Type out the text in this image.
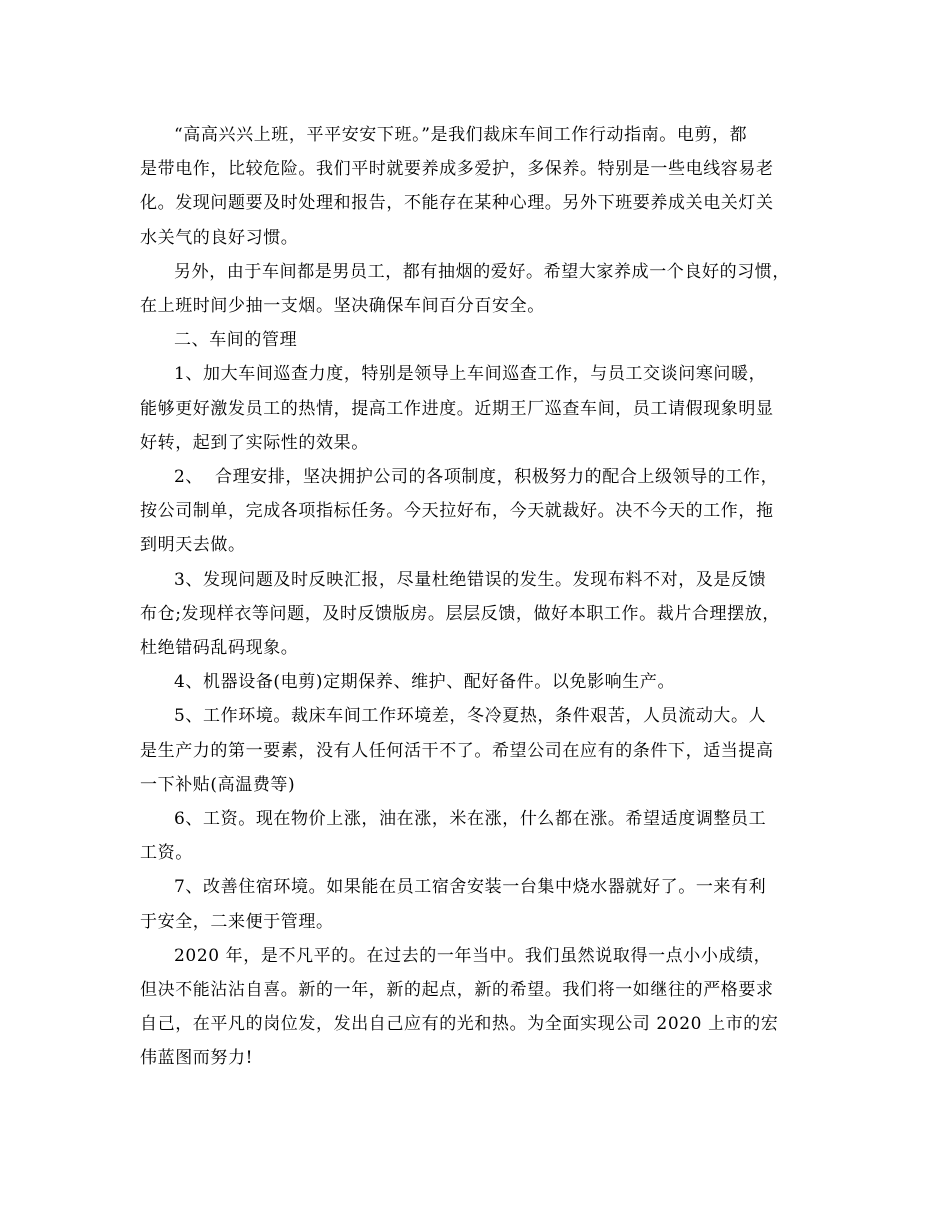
“高高兴兴上班，平平安安下班。”是我们裁床车间工作行动指南。电剪，都
是带电作，比较危险。我们平时就要养成多爱护，多保养。特别是一些电线容易老
化。发现问题要及时处理和报告，不能存在某种心理。另外下班要养成关电关灯关
水关气的良好习惯。

另外，由于车间都是男员工，都有抽烟的爱好。希望大家养成一个良好的习惯，
在上班时间少抽一支烟。坚决确保车间百分百安全。

二、车间的管理

1、加大车间巡查力度，特别是领导上车间巡查工作，与员工交谈问寒问暖，
能够更好激发员工的热情，提高工作进度。近期王厂巡查车间，员工请假现象明显
好转，起到了实际性的效果。

2、  合理安排，坚决拥护公司的各项制度，积极努力的配合上级领导的工作，
按公司制单，完成各项指标任务。今天拉好布，今天就裁好。决不今天的工作，拖
到明天去做。

3、发现问题及时反映汇报，尽量杜绝错误的发生。发现布料不对，及是反馈
布仓;发现样衣等问题，及时反馈版房。层层反馈，做好本职工作。裁片合理摆放，
杜绝错码乱码现象。

4、机器设备(电剪)定期保养、维护、配好备件。以免影响生产。

5、工作环境。裁床车间工作环境差，冬冷夏热，条件艰苦，人员流动大。人
是生产力的第一要素，没有人任何活干不了。希望公司在应有的条件下，适当提高
一下补贴(高温费等)

6、工资。现在物价上涨，油在涨，米在涨，什么都在涨。希望适度调整员工
工资。

7、改善住宿环境。如果能在员工宿舍安装一台集中烧水器就好了。一来有利
于安全，二来便于管理。

2020 年，是不凡平的。在过去的一年当中。我们虽然说取得一点小小成绩，
但决不能沾沾自喜。新的一年，新的起点，新的希望。我们将一如继往的严格要求
自己，在平凡的岗位发，发出自己应有的光和热。为全面实现公司 2020 上市的宏
伟蓝图而努力!
